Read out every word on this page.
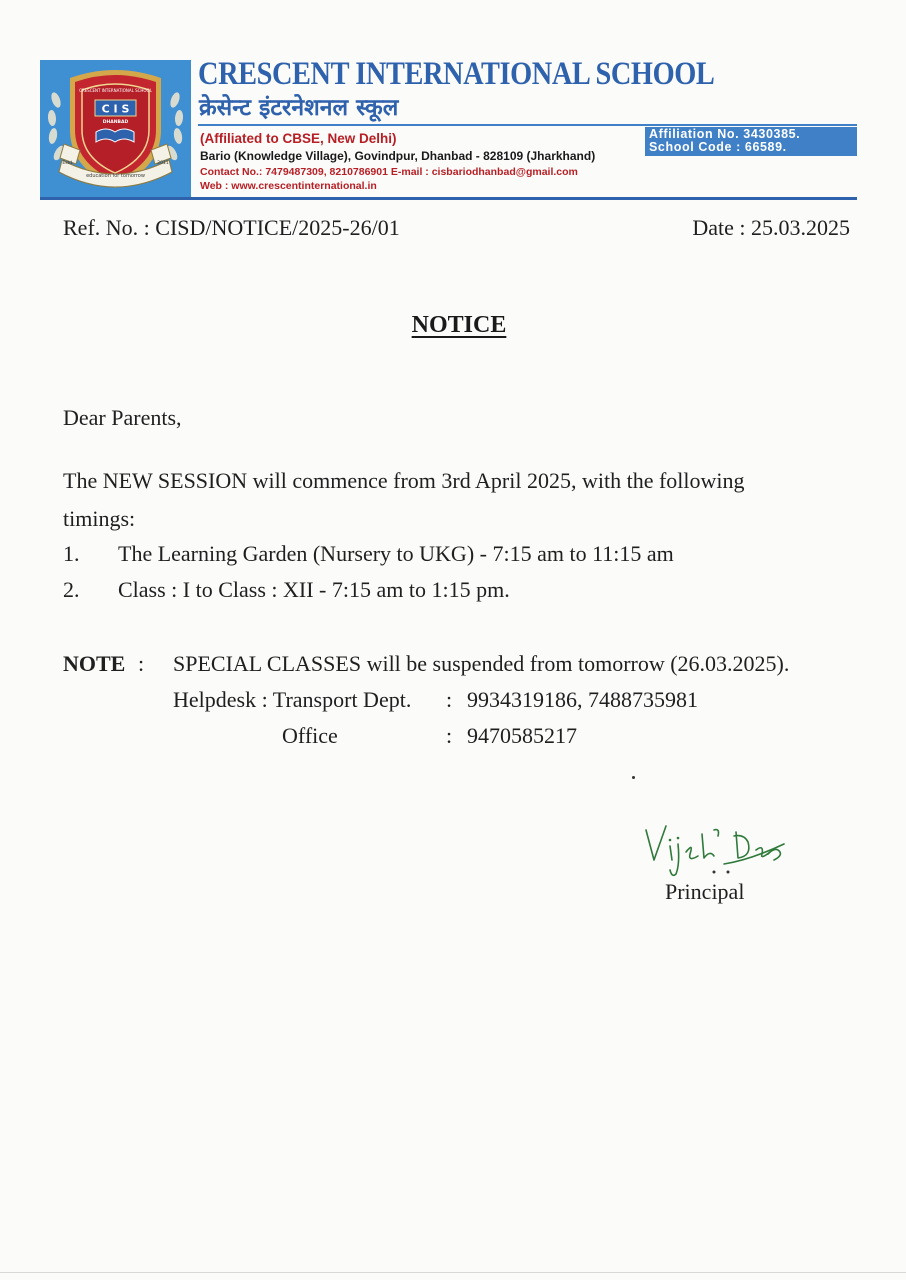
C I S
CRESCENT INTERNATIONAL SCHOOL
DHANBAD
education for tomorrow
Estd.	2011
CRESCENT INTERNATIONAL SCHOOL
क्रेसेन्ट इंटरनेशनल स्कूल
(Affiliated to CBSE, New Delhi)
Bario (Knowledge Village), Govindpur, Dhanbad - 828109 (Jharkhand)
Contact No.: 7479487309, 8210786901 E-mail : cisbariodhanbad@gmail.com
Web : www.crescentinternational.in
Affiliation No. 3430385.
School Code : 66589.
Ref. No. : CISD/NOTICE/2025-26/01	Date : 25.03.2025
NOTICE
Dear Parents,
The NEW SESSION will commence from 3rd April 2025, with the following
timings:
1. The Learning Garden (Nursery to UKG) - 7:15 am to 11:15 am
2. Class : I to Class : XII - 7:15 am to 1:15 pm.
NOTE : SPECIAL CLASSES will be suspended from tomorrow (26.03.2025).
Helpdesk : Transport Dept. : 9934319186, 7488735981
Office	: 9470585217
Principal
